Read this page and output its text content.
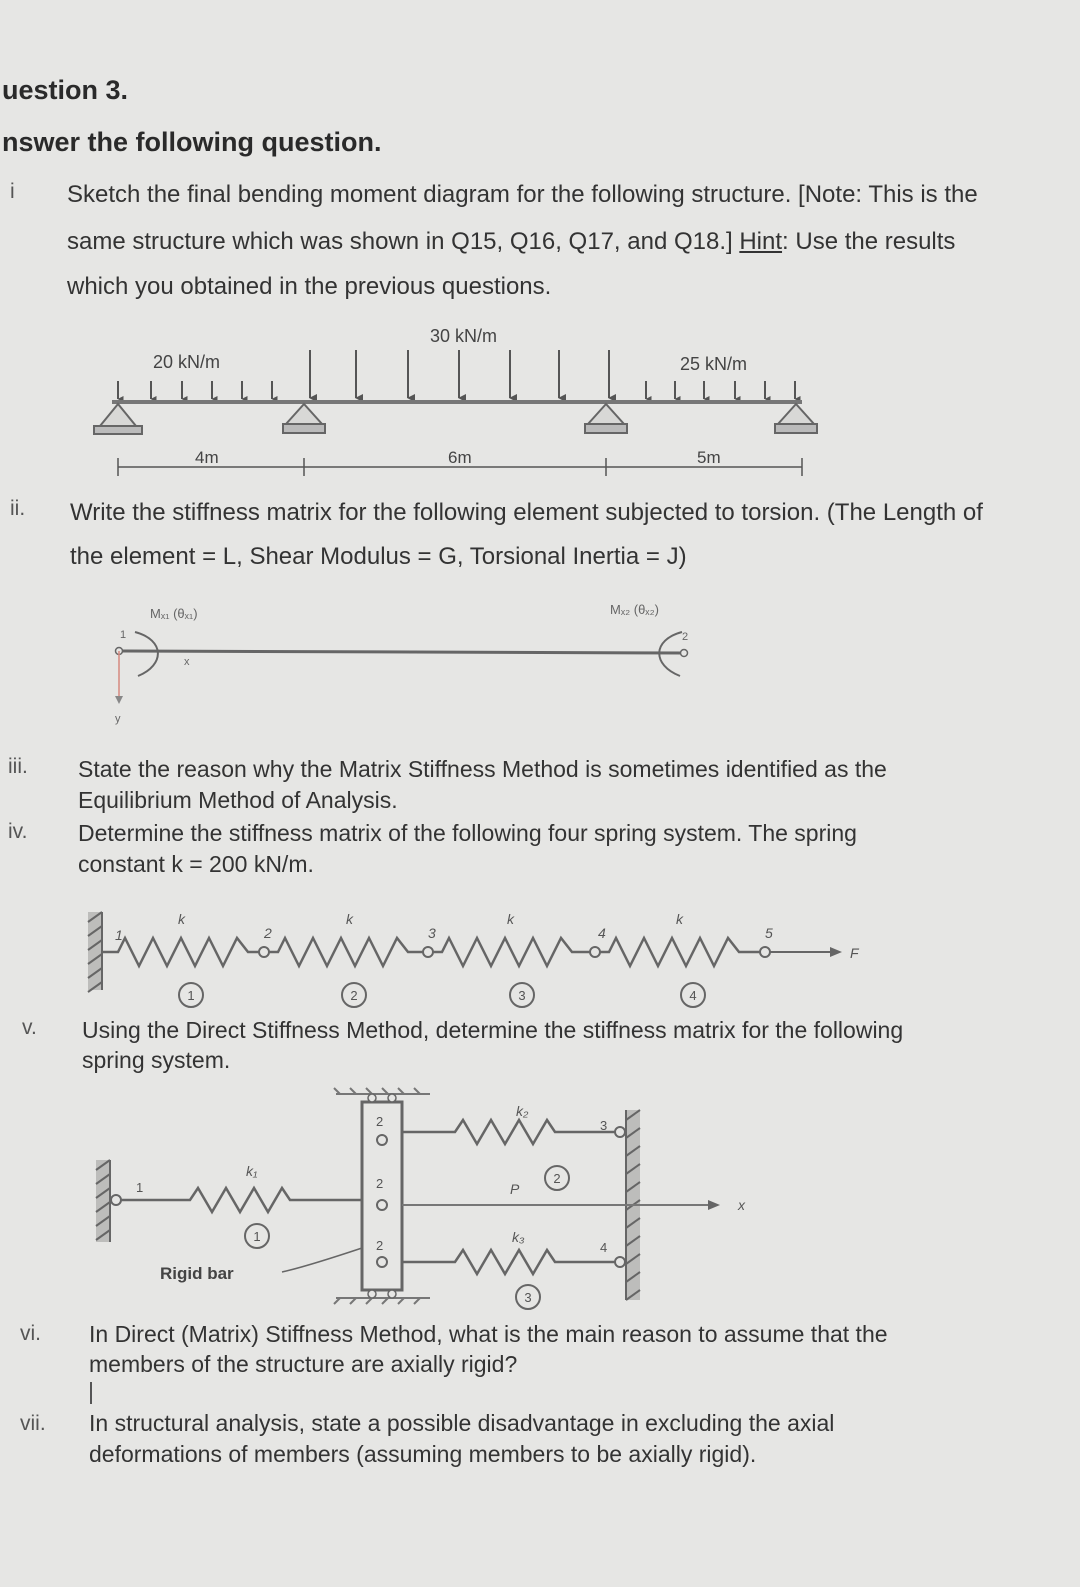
uestion 3.

nswer the following question.

i Sketch the final bending moment diagram for the following structure. [Note: This is the

same structure which was shown in Q15, Q16, Q17, and Q18.] Hint: Use the results

which you obtained in the previous questions.

20 kN/m
30 kN/m
25 kN/m
4m	6m	5m
ii. Write the stiffness matrix for the following element subjected to torsion. (The Length of

the element = L, Shear Modulus = G, Torsional Inertia = J)

Mₓ₁ (θₓ₁)	Mₓ₂ (θₓ₂)
1	2
y
x
iii. State the reason why the Matrix Stiffness Method is sometimes identified as the

Equilibrium Method of Analysis.

iv. Determine the stiffness matrix of the following four spring system. The spring

constant k = 200 kN/m.

1	2	3	4	5
k	k	k	k
F
1	2	3	4
v. Using the Direct Stiffness Method, determine the stiffness matrix for the following

spring system.

x
1
2
2
2
3
4
k₁
k₂
k₃
P
1
2
3
Rigid bar
vi. In Direct (Matrix) Stiffness Method, what is the main reason to assume that the

members of the structure are axially rigid?

vii. In structural analysis, state a possible disadvantage in excluding the axial

deformations of members (assuming members to be axially rigid).
